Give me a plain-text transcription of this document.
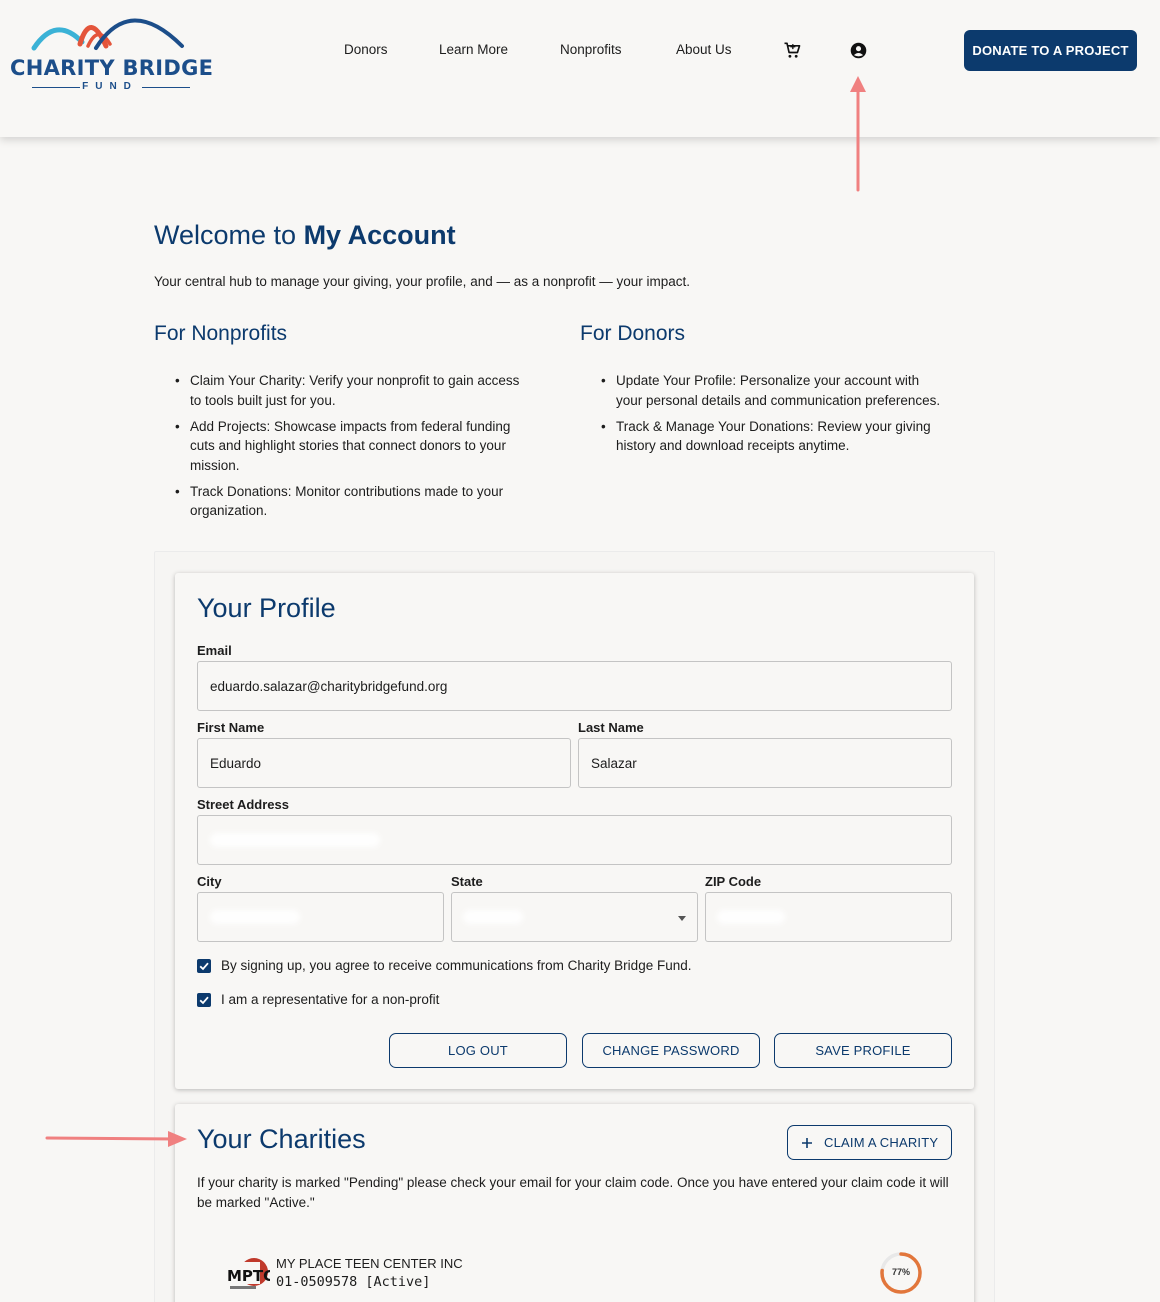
CHARITY BRIDGE
FUND
Donors	Learn More	Nonprofits	About Us	DONATE TO A PROJECT
Welcome to My Account
Your central hub to manage your giving, your profile, and — as a nonprofit — your impact.
For Nonprofits
• Claim Your Charity: Verify your nonprofit to gain access to tools built just for you.
• Add Projects: Showcase impacts from federal funding cuts and highlight stories that connect donors to your mission.
• Track Donations: Monitor contributions made to your organization.
For Donors
• Update Your Profile: Personalize your account with your personal details and communication preferences.
• Track & Manage Your Donations: Review your giving history and download receipts anytime.
Your Profile
Email
eduardo.salazar@charitybridgefund.org
First Name
Eduardo
Last Name
Salazar
Street Address
City	State	ZIP Code
By signing up, you agree to receive communications from Charity Bridge Fund.
I am a representative for a non-profit
LOG OUT	CHANGE PASSWORD	SAVE PROFILE
Your Charities	CLAIM A CHARITY
If your charity is marked "Pending" please check your email for your claim code. Once you have entered your claim code it will be marked "Active."
MPTC
MY PLACE TEEN CENTER INC
01-0509578 [Active]
77%
